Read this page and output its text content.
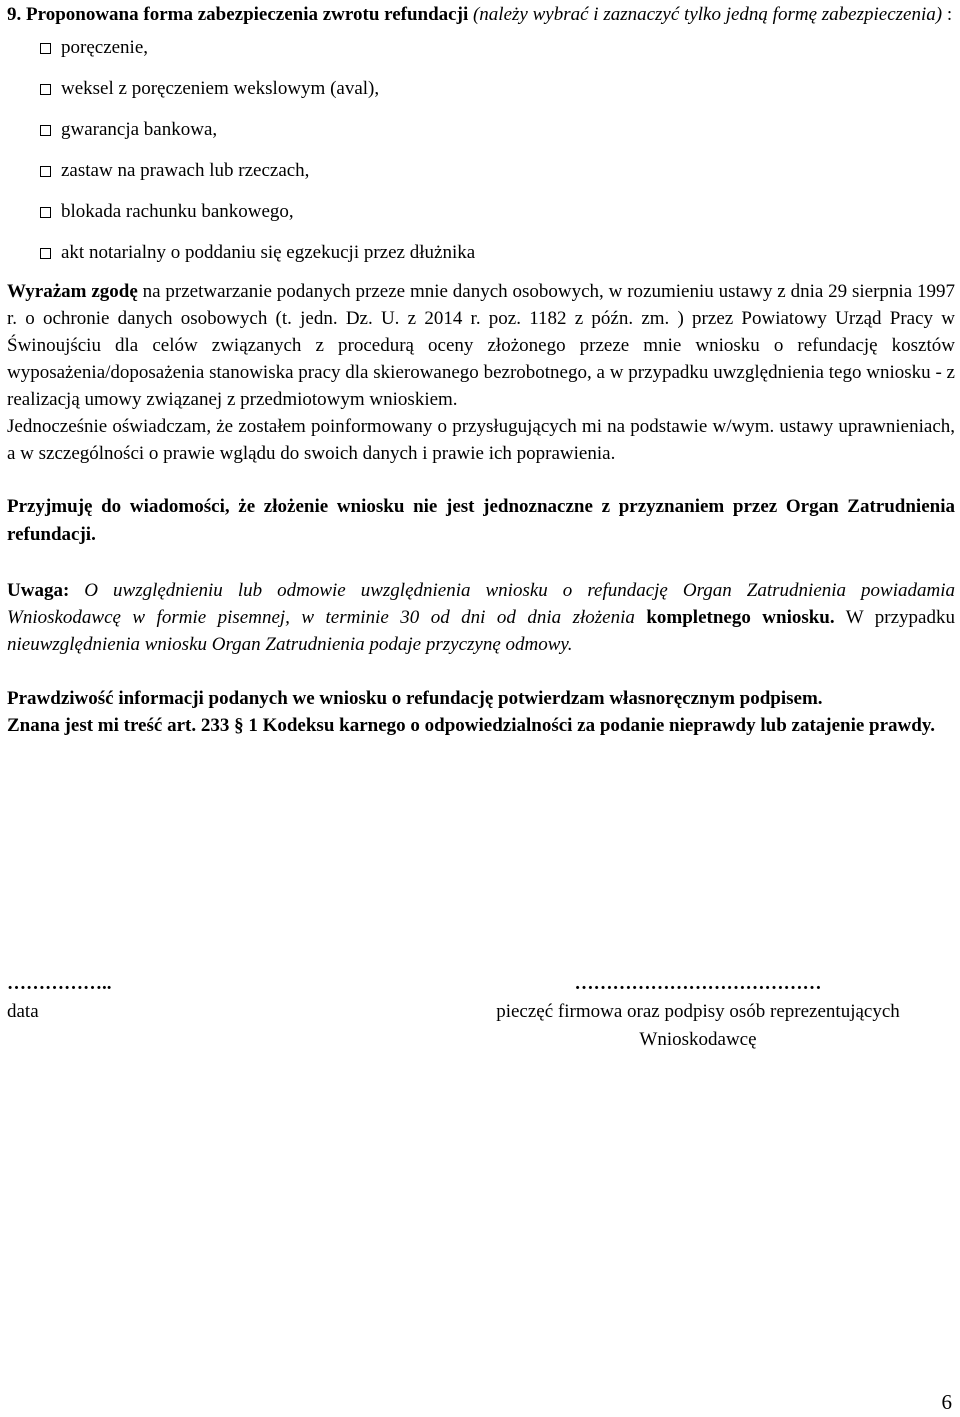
9. Proponowana forma zabezpieczenia zwrotu refundacji (należy wybrać i zaznaczyć tylko jedną formę zabezpieczenia) :

poręczenie,
weksel z poręczeniem wekslowym (aval),
gwarancja bankowa,
zastaw na prawach lub rzeczach,
blokada rachunku bankowego,
akt notarialny o poddaniu się egzekucji przez dłużnika

Wyrażam zgodę na przetwarzanie podanych przeze mnie danych osobowych, w rozumieniu ustawy z dnia 29 sierpnia 1997 r. o ochronie danych osobowych (t. jedn. Dz. U. z 2014 r. poz. 1182 z późn. zm. ) przez Powiatowy Urząd Pracy w Świnoujściu dla celów związanych z procedurą oceny złożonego przeze mnie wniosku o refundację kosztów wyposażenia/doposażenia stanowiska pracy dla skierowanego bezrobotnego, a w przypadku uwzględnienia tego wniosku - z realizacją umowy związanej z przedmiotowym wnioskiem.

Jednocześnie oświadczam, że zostałem poinformowany o przysługujących mi na podstawie w/wym. ustawy uprawnieniach, a w szczególności o prawie wglądu do swoich danych i prawie ich poprawienia.

Przyjmuję do wiadomości, że złożenie wniosku nie jest jednoznaczne z przyznaniem przez Organ Zatrudnienia refundacji.

Uwaga: O uwzględnieniu lub odmowie uwzględnienia wniosku o refundację Organ Zatrudnienia powiadamia Wnioskodawcę w formie pisemnej, w terminie 30 od dni od dnia złożenia kompletnego wniosku. W przypadku nieuwzględnienia wniosku Organ Zatrudnienia podaje przyczynę odmowy.

Prawdziwość informacji podanych we wniosku o refundację potwierdzam własnoręcznym podpisem.

Znana jest mi treść art. 233 § 1 Kodeksu karnego o odpowiedzialności za podanie nieprawdy lub zatajenie prawdy.

……………..
data
…………………………………
pieczęć firmowa oraz podpisy osób reprezentujących
Wnioskodawcę
6
